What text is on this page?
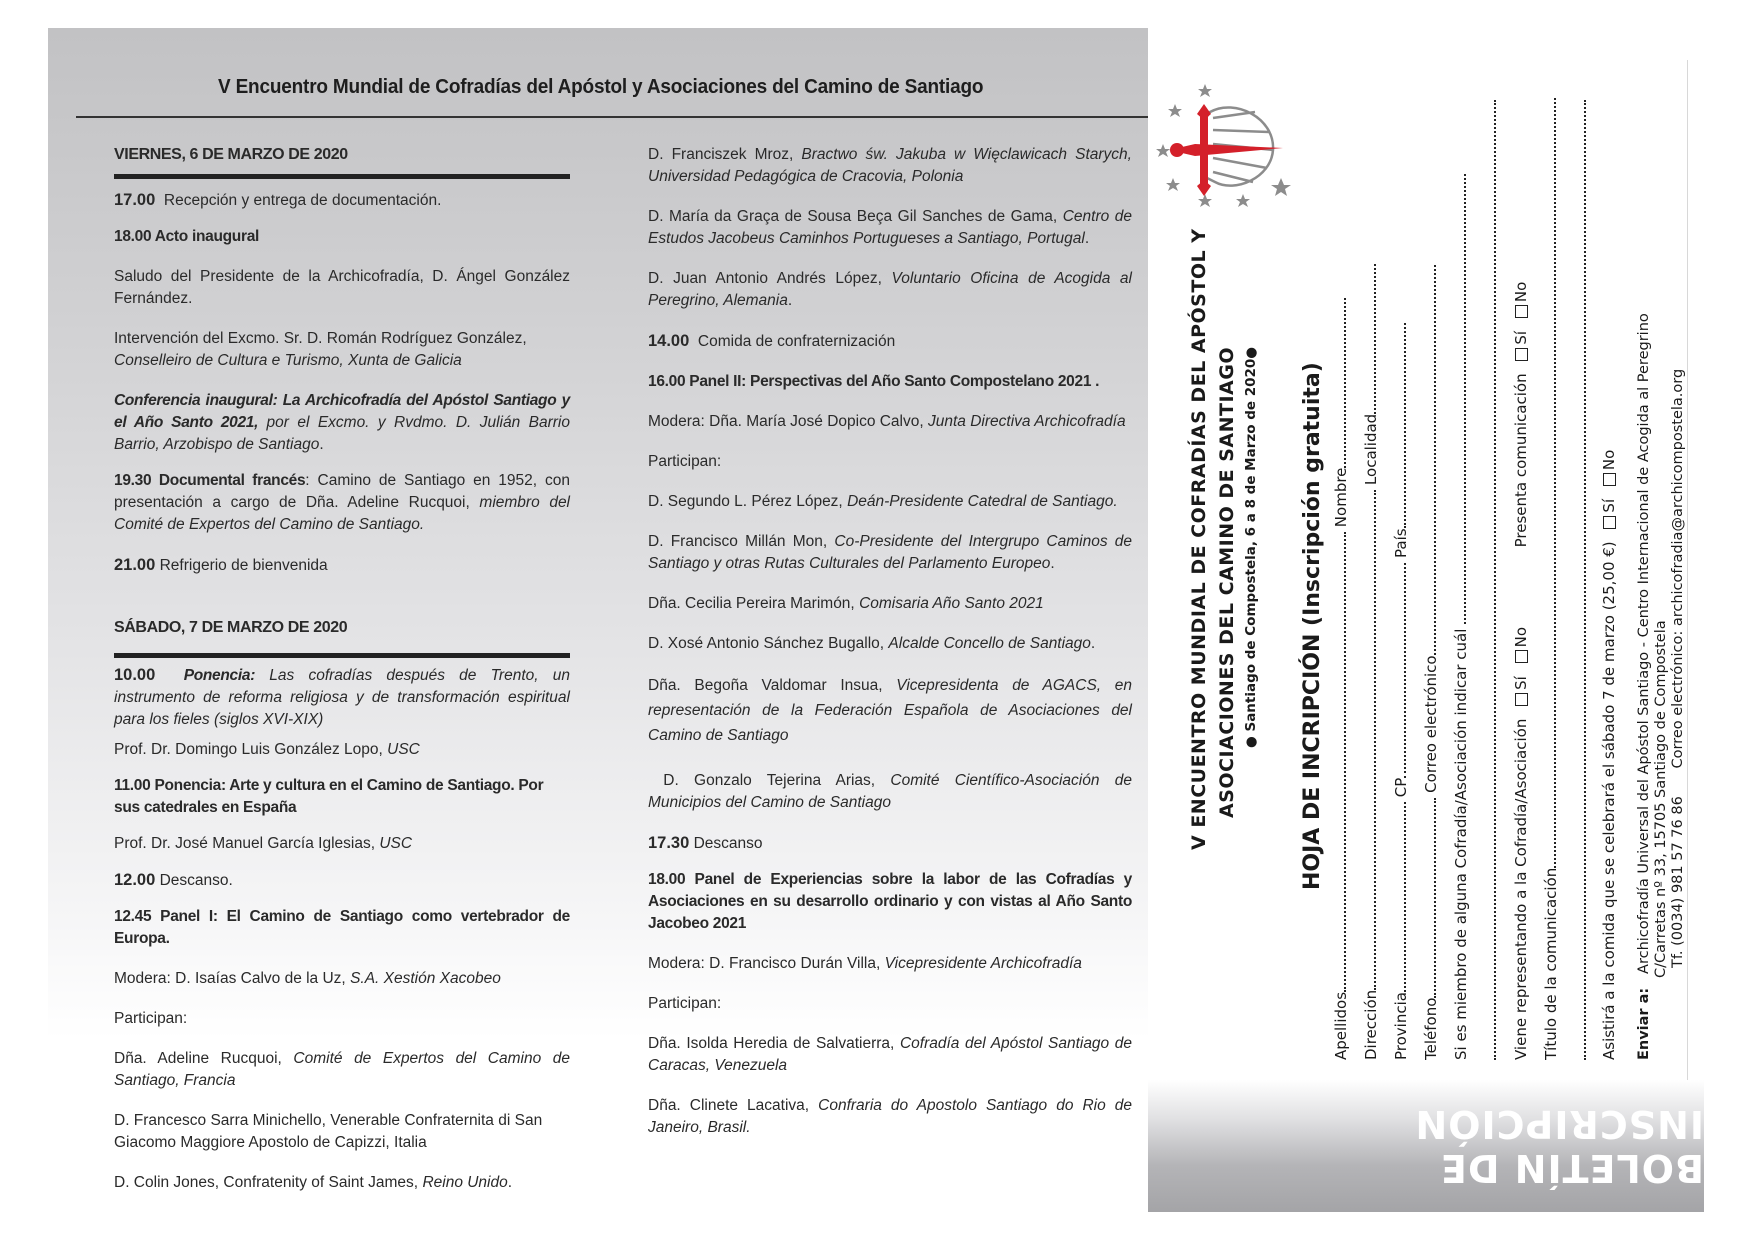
V Encuentro Mundial de Cofradías del Apóstol y Asociaciones del Camino de Santiago

VIERNES, 6 DE MARZO DE 2020

17.00 Recepción y entrega de documentación.

18.00 Acto inaugural

Saludo del Presidente de la Archicofradía, D. Ángel González Fernández.

Intervención del Excmo. Sr. D. Román Rodríguez González,
Conselleiro de Cultura e Turismo, Xunta de Galicia

Conferencia inaugural: La Archicofradía del Apóstol Santiago y el Año Santo 2021, por el Excmo. y Rvdmo. D. Julián Barrio Barrio, Arzobispo de Santiago.

19.30 Documental francés: Camino de Santiago en 1952, con presentación a cargo de Dña. Adeline Rucquoi, miembro del Comité de Expertos del Camino de Santiago.

21.00 Refrigerio de bienvenida

SÁBADO, 7 DE MARZO DE 2020

10.00 Ponencia: Las cofradías después de Trento, un instrumento de reforma religiosa y de transformación espiritual para los fieles (siglos XVI-XIX)

Prof. Dr. Domingo Luis González Lopo, USC

11.00 Ponencia: Arte y cultura en el Camino de Santiago. Por sus catedrales en España

Prof. Dr. José Manuel García Iglesias, USC

12.00 Descanso.

12.45 Panel I: El Camino de Santiago como vertebrador de Europa.

Modera: D. Isaías Calvo de la Uz, S.A. Xestión Xacobeo

Participan:

Dña. Adeline Rucquoi, Comité de Expertos del Camino de Santiago, Francia

D. Francesco Sarra Minichello, Venerable Confraternita di San Giacomo Maggiore Apostolo de Capizzi, Italia

D. Colin Jones, Confratenity of Saint James, Reino Unido.

D. Franciszek Mroz, Bractwo św. Jakuba w Więclawicach Starych, Universidad Pedagógica de Cracovia, Polonia

D. María da Graça de Sousa Beça Gil Sanches de Gama, Centro de Estudos Jacobeus Caminhos Portugueses a Santiago, Portugal.

D. Juan Antonio Andrés López, Voluntario Oficina de Acogida al Peregrino, Alemania.

14.00 Comida de confraternización

16.00 Panel II: Perspectivas del Año Santo Compostelano 2021 .

Modera: Dña. María José Dopico Calvo, Junta Directiva Archicofradía

Participan:

D. Segundo L. Pérez López, Deán-Presidente Catedral de Santiago.

D. Francisco Millán Mon, Co-Presidente del Intergrupo Caminos de Santiago y otras Rutas Culturales del Parlamento Europeo.

Dña. Cecilia Pereira Marimón, Comisaria Año Santo 2021

D. Xosé Antonio Sánchez Bugallo, Alcalde Concello de Santiago.

Dña. Begoña Valdomar Insua, Vicepresidenta de AGACS, en representación de la Federación Española de Asociaciones del Camino de Santiago

D. Gonzalo Tejerina Arias, Comité Científico-Asociación de Municipios del Camino de Santiago

17.30 Descanso

18.00 Panel de Experiencias sobre la labor de las Cofradías y Asociaciones en su desarrollo ordinario y con vistas al Año Santo Jacobeo 2021

Modera: D. Francisco Durán Villa, Vicepresidente Archicofradía

Participan:

Dña. Isolda Heredia de Salvatierra, Cofradía del Apóstol Santiago de Caracas, Venezuela

Dña. Clinete Lacativa, Confraria do Apostolo Santiago do Rio de Janeiro, Brasil.

V ENCUENTRO MUNDIAL DE COFRADÍAS DEL APÓSTOL Y ASOCIACIONES DEL CAMINO DE SANTIAGO ● Santiago de Compostela, 6 a 8 de Marzo de 2020● HOJA DE INCRIPCIÓN (Inscripción gratuita)
Apellidos Nombre
Dirección Localidad
Provincia CP País
Teléfono Correo electrónico Si es miembro de alguna Cofradía/Asociación indicar cuál	Viene representando a la Cofradía/Asociación Sí No  Presenta comunicación Sí No
Título de la comunicación	Asistirá a la comida que se celebrará el sábado 7 de marzo (25,00 €) Sí No
Enviar a:   Archicofradía Universal del Apóstol Santiago - Centro Internacional de Acogida al Peregrino C/Carretas nº 33, 15705 Santiago de Compostela Tf. (0034) 981 57 76 86      Correo electrónico: archicofradia@archicompostela.org
BOLETÍN DE INSCRIPCIÓN
